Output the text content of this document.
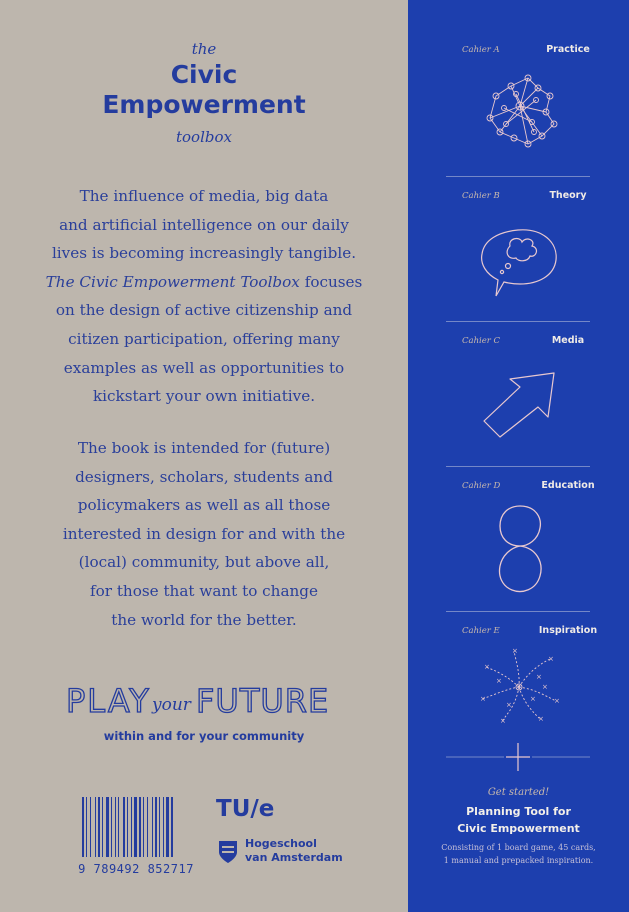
the
Civic
Empowerment
toolbox
The influence of media, big data
and artificial intelligence on our daily
lives is becoming increasingly tangible.
The Civic Empowerment Toolbox focuses
on the design of active citizenship and
citizen participation, offering many
examples as well as opportunities to
kickstart your own initiative.
The book is intended for (future)
designers, scholars, students and
policymakers as well as all those
interested in design for and with the
(local) community, but above all,
for those that want to change
the world for the better.
PLAY your FUTURE
within and for your community
9 789492 852717
TU/e
Hogeschool
van Amsterdam
Cahier A	Practice
Cahier B	Theory
Cahier C	Media
Cahier D	Education
Cahier E	Inspiration
×
×
×
×	×
×
×
×	×
×
×
×
Get started!
Planning Tool for
Civic Empowerment
Consisting of 1 board game, 45 cards,
1 manual and prepacked inspiration.
